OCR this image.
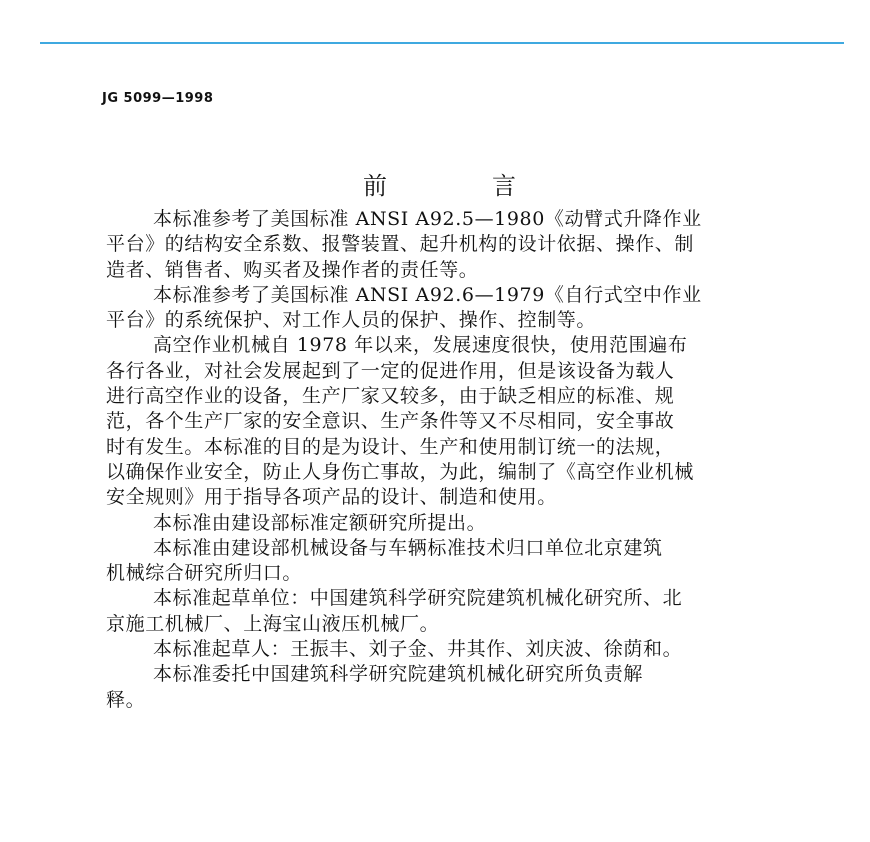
JG 5099—1998
前言
本标准参考了美国标准 ANSI A92.5—1980《动臂式升降作业
平台》的结构安全系数、报警装置、起升机构的设计依据、操作、制
造者、销售者、购买者及操作者的责任等。
本标准参考了美国标准 ANSI A92.6—1979《自行式空中作业
平台》的系统保护、对工作人员的保护、操作、控制等。
高空作业机械自 1978 年以来，发展速度很快，使用范围遍布
各行各业，对社会发展起到了一定的促进作用，但是该设备为载人
进行高空作业的设备，生产厂家又较多，由于缺乏相应的标准、规
范，各个生产厂家的安全意识、生产条件等又不尽相同，安全事故
时有发生。本标准的目的是为设计、生产和使用制订统一的法规，
以确保作业安全，防止人身伤亡事故，为此，编制了《高空作业机械
安全规则》用于指导各项产品的设计、制造和使用。
本标准由建设部标准定额研究所提出。
本标准由建设部机械设备与车辆标准技术归口单位北京建筑
机械综合研究所归口。
本标准起草单位：中国建筑科学研究院建筑机械化研究所、北
京施工机械厂、上海宝山液压机械厂。
本标准起草人：王振丰、刘子金、井其作、刘庆波、徐荫和。
本标准委托中国建筑科学研究院建筑机械化研究所负责解
释。
